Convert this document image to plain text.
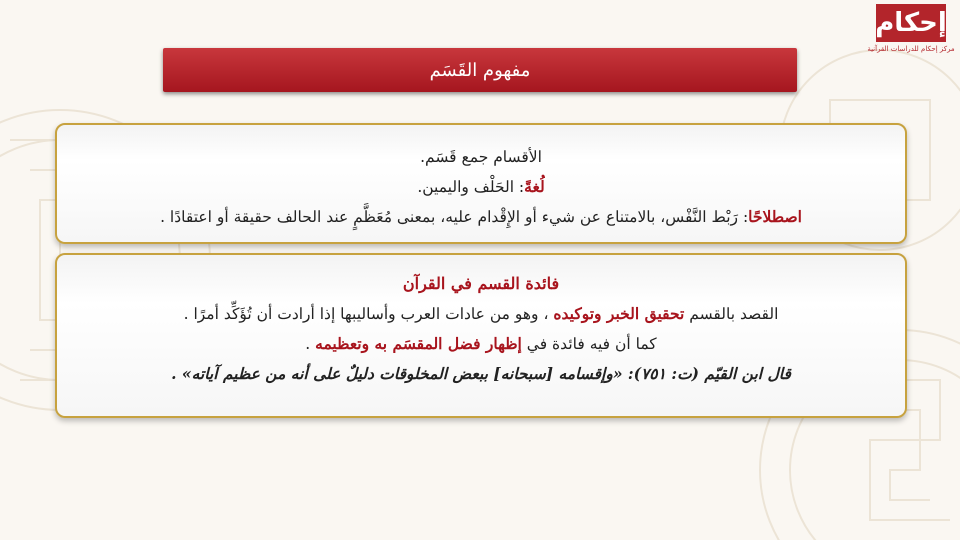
إحكام
مركز إحكام للدراسات القرآنية
مفهوم القَسَم
الأقسام جمع قَسَم.
لُغةً: الحَلْف واليمين.
اصطلاحًا: رَبْط النَّفْس، بالامتناع عن شيء أو الإِقْدام عليه، بمعنى مُعَظَّمٍ عند الحالف حقيقة أو اعتقادًا .
فائدة القسم في القرآن
القصد بالقسم تحقيق الخبر وتوكيده ، وهو من عادات العرب وأساليبها إذا أرادت أن تُؤَكِّد أمرًا .
كما أن فيه فائدة في إظهار فضل المقسَم به وتعظيمه .
قال ابن القيّم (ت: ٧٥١): «وإقسامه [سبحانه] ببعض المخلوقات دليلٌ على أنه من عظيم آياته» .
